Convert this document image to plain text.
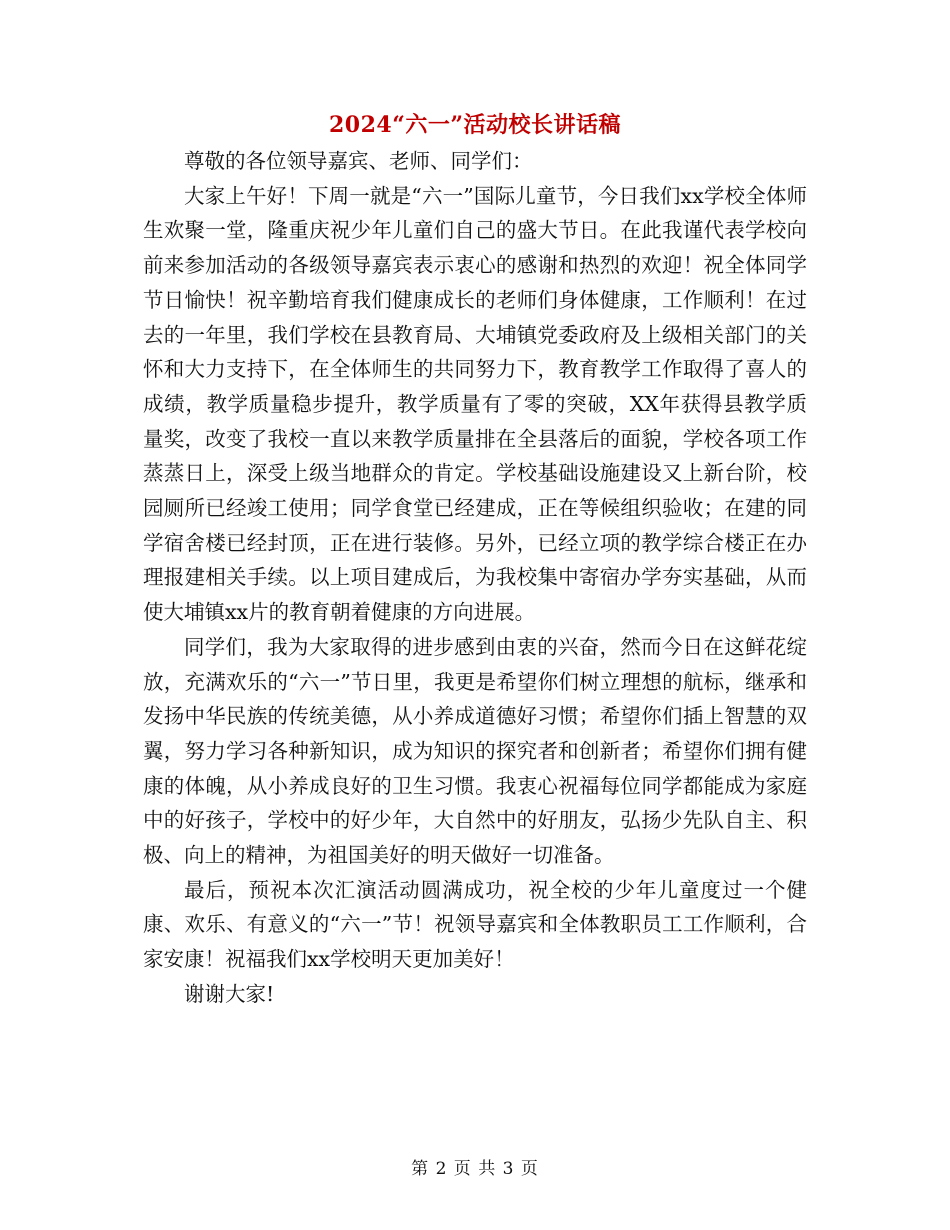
2024“六一”活动校长讲话稿

尊敬的各位领导嘉宾、老师、同学们：

大家上午好！下周一就是“六一”国际儿童节，今日我们xx学校全体师生欢聚一堂，隆重庆祝少年儿童们自己的盛大节日。在此我谨代表学校向前来参加活动的各级领导嘉宾表示衷心的感谢和热烈的欢迎！祝全体同学节日愉快！祝辛勤培育我们健康成长的老师们身体健康，工作顺利！在过去的一年里，我们学校在县教育局、大埔镇党委政府及上级相关部门的关怀和大力支持下，在全体师生的共同努力下，教育教学工作取得了喜人的成绩，教学质量稳步提升，教学质量有了零的突破，XX年获得县教学质量奖，改变了我校一直以来教学质量排在全县落后的面貌，学校各项工作蒸蒸日上，深受上级当地群众的肯定。学校基础设施建设又上新台阶，校园厕所已经竣工使用；同学食堂已经建成，正在等候组织验收；在建的同学宿舍楼已经封顶，正在进行装修。另外，已经立项的教学综合楼正在办理报建相关手续。以上项目建成后，为我校集中寄宿办学夯实基础，从而使大埔镇xx片的教育朝着健康的方向进展。

同学们，我为大家取得的进步感到由衷的兴奋，然而今日在这鲜花绽放，充满欢乐的“六一”节日里，我更是希望你们树立理想的航标，继承和发扬中华民族的传统美德，从小养成道德好习惯；希望你们插上智慧的双翼，努力学习各种新知识，成为知识的探究者和创新者；希望你们拥有健康的体魄，从小养成良好的卫生习惯。我衷心祝福每位同学都能成为家庭中的好孩子，学校中的好少年，大自然中的好朋友，弘扬少先队自主、积极、向上的精神，为祖国美好的明天做好一切准备。

最后，预祝本次汇演活动圆满成功，祝全校的少年儿童度过一个健康、欢乐、有意义的“六一”节！祝领导嘉宾和全体教职员工工作顺利，合家安康！祝福我们xx学校明天更加美好！

谢谢大家!

第 2 页 共 3 页
